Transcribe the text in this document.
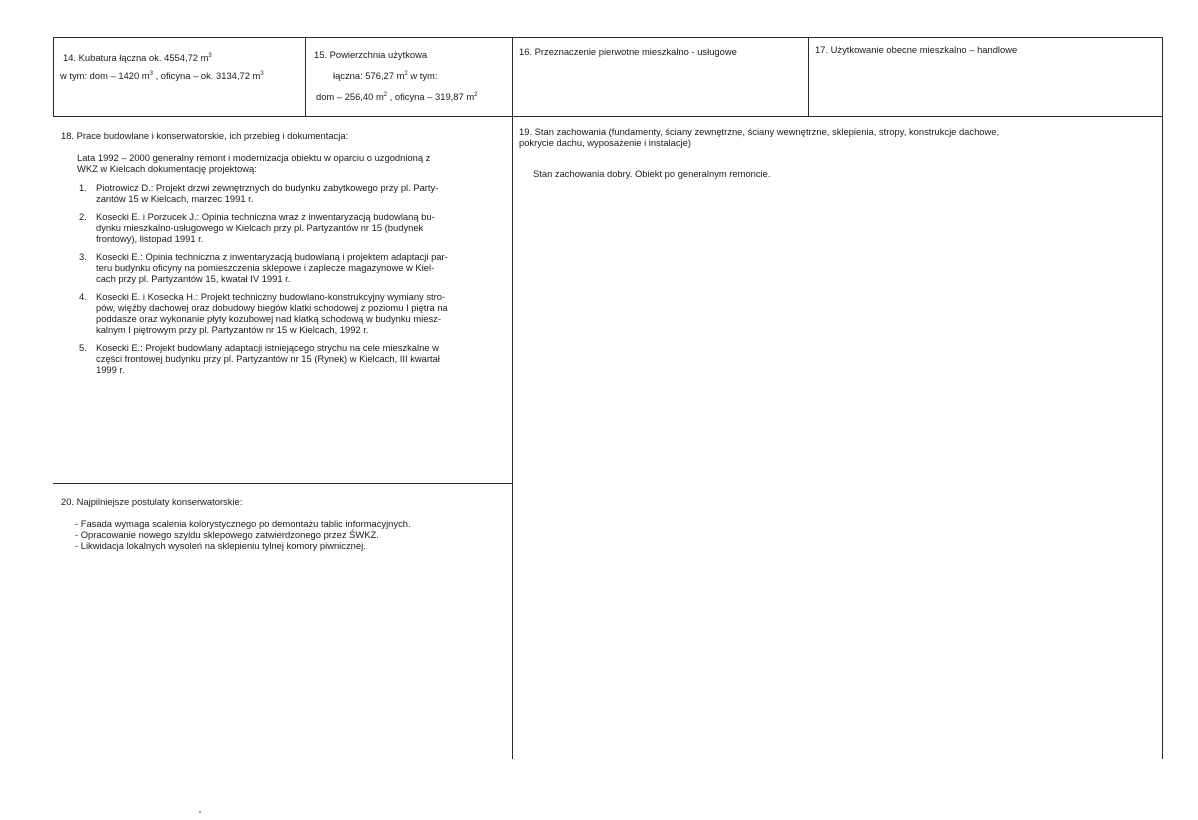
14. Kubatura łączna ok. 4554,72 $m^3$
w tym: dom – 1420 $m^3$ , oficyna – ok. 3134,72 $m^3$
15. Powierzchnia użytkowa
łączna: 576,27 $m^2$ w tym:
dom – 256,40 $m^2$ , oficyna – 319,87 $m^2$
16. Przeznaczenie pierwotne mieszkalno - usługowe	17. Użytkowanie obecne mieszkalno – handlowe
18. Prace budowlane i konserwatorskie, ich przebieg i dokumentacja:
Lata 1992 – 2000 generalny remont i modernizacja obiektu w oparciu o uzgodnioną z
WKZ w Kielcach dokumentację projektową:
1. Piotrowicz D.: Projekt drzwi zewnętrznych do budynku zabytkowego przy pl. Party-
zantów 15 w Kielcach, marzec 1991 r.
2. Kosecki E. i Porzucek J.: Opinia techniczna wraz z inwentaryzacją budowlaną bu-
dynku mieszkalno-usługowego w Kielcach przy pl. Partyzantów nr 15 (budynek
frontowy), listopad 1991 r.
3. Kosecki E.: Opinia techniczna z inwentaryzacją budowlaną i projektem adaptacji par-
teru budynku oficyny na pomieszczenia sklepowe i zaplecze magazynowe w Kiel-
cach przy pl. Partyzantów 15, kwatał IV 1991 r.
4. Kosecki E. i Kosecka H.: Projekt techniczny budowlano-konstrukcyjny wymiany stro-
pów, więźby dachowej oraz dobudowy biegów klatki schodowej z poziomu I piętra na
poddasze oraz wykonanie płyty kozubowej nad klatką schodową w budynku miesz-
kalnym I piętrowym przy pl. Partyzantów nr 15 w Kielcach, 1992 r.
5. Kosecki E.: Projekt budowlany adaptacji istniejącego strychu na cele mieszkalne w
części frontowej budynku przy pl. Partyzantów nr 15 (Rynek) w Kielcach, III kwartał
1999 r.
19. Stan zachowania (fundamenty, ściany zewnętrzne, ściany wewnętrzne, sklepienia, stropy, konstrukcje dachowe,
pokrycie dachu, wyposażenie i instalacje)
Stan zachowania dobry. Obiekt po generalnym remoncie.
20. Najpilniejsze postulaty konserwatorskie:
- Fasada wymaga scalenia kolorystycznego po demontażu tablic informacyjnych.
- Opracowanie nowego szyldu sklepowego zatwierdzonego przez ŚWKZ.
- Likwidacja lokalnych wysoleń na sklepieniu tylnej komory piwnicznej.
